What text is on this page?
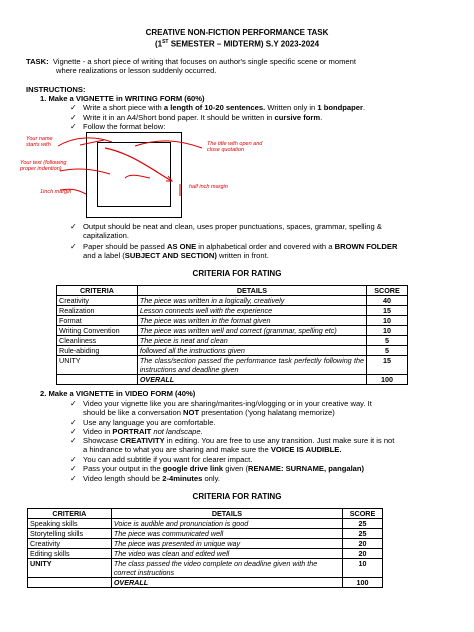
CREATIVE NON-FICTION PERFORMANCE TASK
(1ST SEMESTER – MIDTERM) S.Y 2023-2024
TASK: Vignette - a short piece of writing that focuses on author's single specific scene or moment
where realizations or lesson suddenly occurred.
INSTRUCTIONS:
1. Make a VIGNETTE in WRITING FORM (60%)
✓ Write a short piece with a length of 10-20 sentences. Written only in 1 bondpaper.
✓ Write it in an A4/Short bond paper. It should be written in cursive form.
✓ Follow the format below:
Your name starts with
Your text (following proper indention)
1inch margin
The title with open and close quotation
half inch margin
✓ Output should be neat and clean, uses proper punctuations, spaces, grammar, spelling &
capitalization.
✓ Paper should be passed AS ONE in alphabetical order and covered with a BROWN FOLDER
and a label (SUBJECT AND SECTION) written in front.
CRITERIA FOR RATING
CRITERIA	DETAILS	SCORE
Creativity	The piece was written in a logically, creatively	40
Realization	Lesson connects well with the experience	15
Format	The piece was written in the format given	10
Writing Convention	The piece was written well and correct (grammar, spelling etc)	10
Cleanliness	The piece is neat and clean	5
Rule-abiding	followed all the instructions given	5
UNITY	The class/section passed the performance task perfectly following the instructions and deadline given	15
	OVERALL	100
2. Make a VIGNETTE in VIDEO FORM (40%)
✓ Video your vignette like you are sharing/marites-ing/vlogging or in your creative way. It
should be like a conversation NOT presentation ('yong halatang memorize)
✓ Use any language you are comfortable.
✓ Video in PORTRAIT not landscape.
✓ Showcase CREATIVITY in editing. You are free to use any transition. Just make sure it is not
a hindrance to what you are sharing and make sure the VOICE IS AUDIBLE.
✓ You can add subtitle if you want for clearer impact.
✓ Pass your output in the google drive link given (RENAME: SURNAME, pangalan)
✓ Video length should be 2-4minutes only.
CRITERIA FOR RATING
CRITERIA	DETAILS	SCORE
Speaking skills	Voice is audible and pronunciation is good	25
Storytelling skills	The piece was communicated well	25
Creativity	The piece was presented in unique way	20
Editing skills	The video was clean and edited well	20
UNITY	The class passed the video complete on deadline given with the correct instructions	10
	OVERALL	100
